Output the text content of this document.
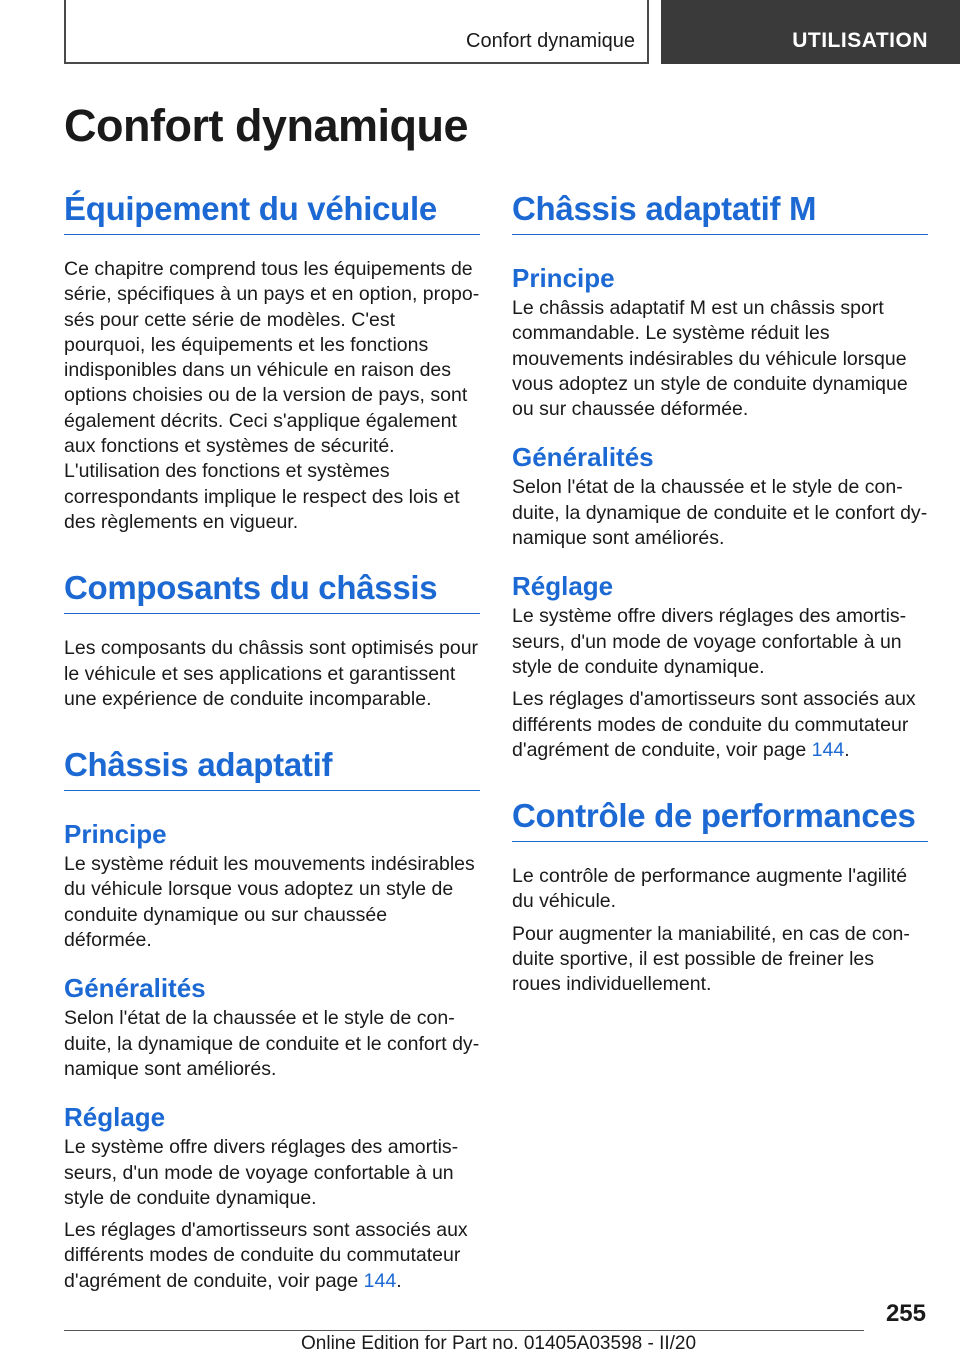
Confort dynamique	UTILISATION
Confort dynamique
Équipement du véhicule

Ce chapitre comprend tous les équipements de série, spécifiques à un pays et en option, proposés pour cette série de modèles. C'est pourquoi, les équipements et les fonctions indisponibles dans un véhicule en raison des options choisies ou de la version de pays, sont également décrits. Ceci s'applique également aux fonctions et systèmes de sécurité. L'utilisation des fonctions et systèmes correspondants implique le respect des lois et des règlements en vigueur.

Composants du châssis

Les composants du châssis sont optimisés pour le véhicule et ses applications et garantissent une expérience de conduite incomparable.

Châssis adaptatif
Principe

Le système réduit les mouvements indésirables du véhicule lorsque vous adoptez un style de conduite dynamique ou sur chaussée déformée.

Généralités

Selon l'état de la chaussée et le style de conduite, la dynamique de conduite et le confort dynamique sont améliorés.

Réglage

Le système offre divers réglages des amortisseurs, d'un mode de voyage confortable à un style de conduite dynamique.

Les réglages d'amortisseurs sont associés aux différents modes de conduite du commutateur d'agrément de conduite, voir page 144.

Châssis adaptatif M
Principe

Le châssis adaptatif M est un châssis sport commandable. Le système réduit les mouvements indésirables du véhicule lorsque vous adoptez un style de conduite dynamique ou sur chaussée déformée.

Généralités

Selon l'état de la chaussée et le style de conduite, la dynamique de conduite et le confort dynamique sont améliorés.

Réglage

Le système offre divers réglages des amortisseurs, d'un mode de voyage confortable à un style de conduite dynamique.

Les réglages d'amortisseurs sont associés aux différents modes de conduite du commutateur d'agrément de conduite, voir page 144.

Contrôle de performances

Le contrôle de performance augmente l'agilité du véhicule.

Pour augmenter la maniabilité, en cas de conduite sportive, il est possible de freiner les roues individuellement.

255
Online Edition for Part no. 01405A03598 - II/20
